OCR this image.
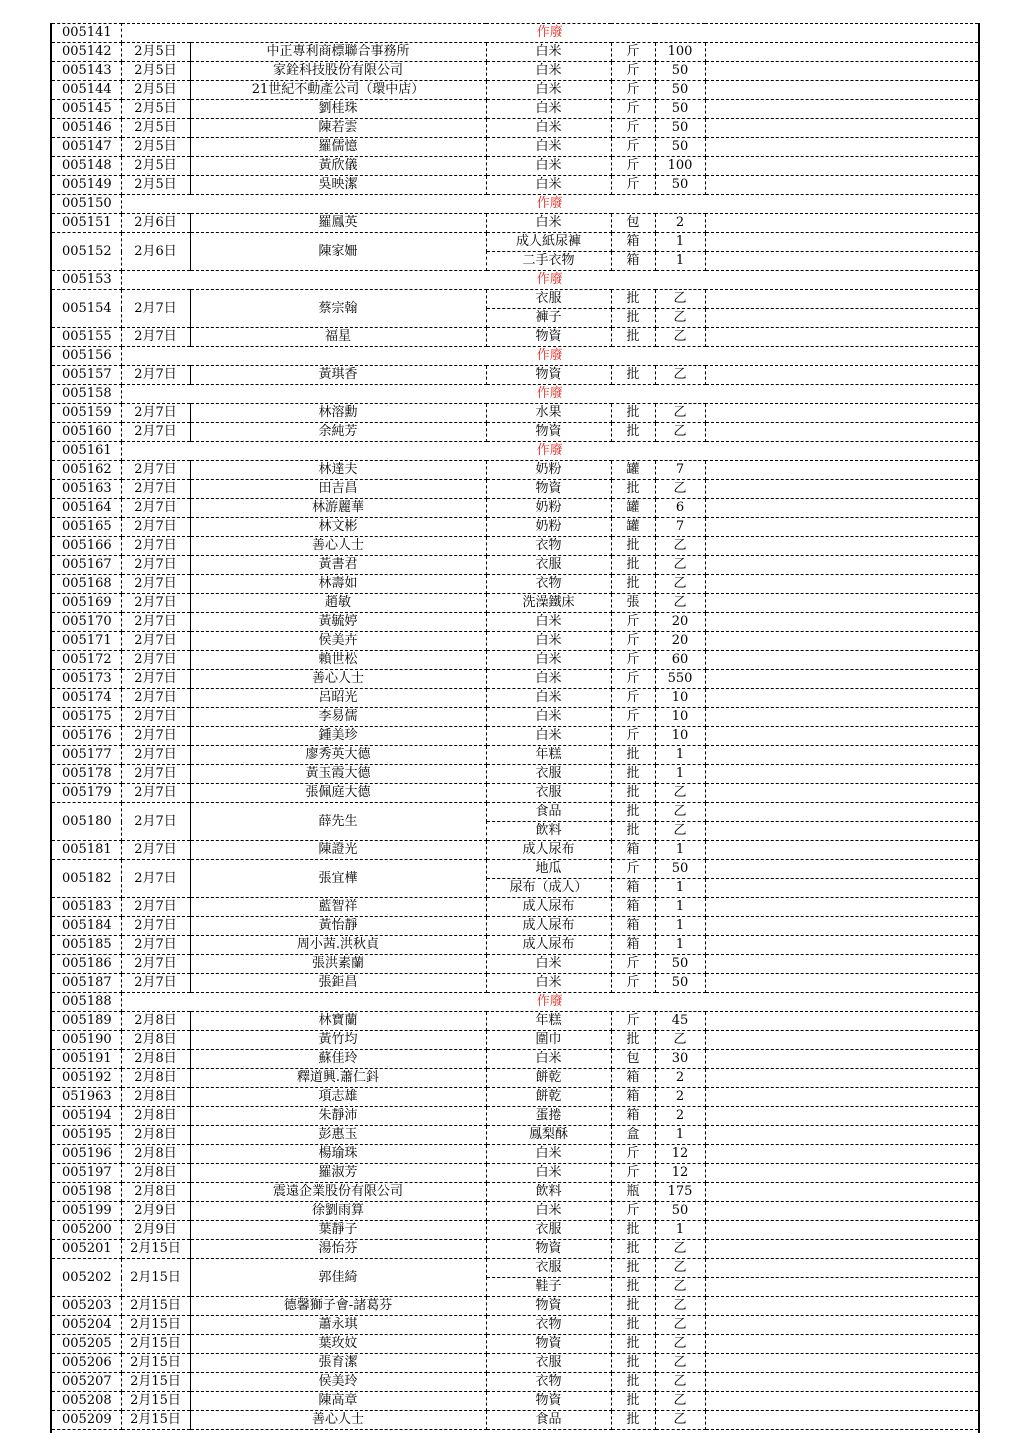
005141	作廢					
005142	2月5日	中正專利商標聯合事務所	白米	斤	100	
005143	2月5日	家銓科技股份有限公司	白米	斤	50	
005144	2月5日	21世紀不動產公司（環中店）	白米	斤	50	
005145	2月5日	劉桂珠	白米	斤	50	
005146	2月5日	陳若雲	白米	斤	50	
005147	2月5日	羅儒憶	白米	斤	50	
005148	2月5日	黃欣儀	白米	斤	100	
005149	2月5日	吳映潔	白米	斤	50	
005150	作廢					
005151	2月6日	羅鳳英	白米	包	2	
005152	2月6日	陳家姍	成人紙尿褲	箱	1	
			二手衣物	箱	1	
005153	作廢					
005154	2月7日	蔡宗翰	衣服	批	乙	
			褲子	批	乙	
005155	2月7日	福星	物資	批	乙	
005156	作廢					
005157	2月7日	黃琪香	物資	批	乙	
005158	作廢					
005159	2月7日	林溶勳	水果	批	乙	
005160	2月7日	余純芳	物資	批	乙	
005161	作廢					
005162	2月7日	林達夫	奶粉	罐	7	
005163	2月7日	田吉昌	物資	批	乙	
005164	2月7日	林游麗華	奶粉	罐	6	
005165	2月7日	林文彬	奶粉	罐	7	
005166	2月7日	善心人士	衣物	批	乙	
005167	2月7日	黃書君	衣服	批	乙	
005168	2月7日	林壽如	衣物	批	乙	
005169	2月7日	趙敏	洗澡鐵床	張	乙	
005170	2月7日	黃毓婷	白米	斤	20	
005171	2月7日	侯美卉	白米	斤	20	
005172	2月7日	賴世松	白米	斤	60	
005173	2月7日	善心人士	白米	斤	550	
005174	2月7日	呂昭光	白米	斤	10	
005175	2月7日	李易儒	白米	斤	10	
005176	2月7日	鍾美珍	白米	斤	10	
005177	2月7日	廖秀英大德	年糕	批	1	
005178	2月7日	黃玉霞大德	衣服	批	1	
005179	2月7日	張佩庭大德	衣服	批	乙	
005180	2月7日	薛先生	食品	批	乙	
			飲料	批	乙	
005181	2月7日	陳證光	成人尿布	箱	1	
005182	2月7日	張宜樺	地瓜	斤	50	
			尿布（成人）	箱	1	
005183	2月7日	藍智祥	成人尿布	箱	1	
005184	2月7日	黃怡靜	成人尿布	箱	1	
005185	2月7日	周小茜.洪秋貞	成人尿布	箱	1	
005186	2月7日	張洪素蘭	白米	斤	50	
005187	2月7日	張鉅昌	白米	斤	50	
005188	作廢					
005189	2月8日	林寶蘭	年糕	斤	45	
005190	2月8日	黃竹均	圍巾	批	乙	
005191	2月8日	蘇佳玲	白米	包	30	
005192	2月8日	釋道興.蕭仁鈄	餅乾	箱	2	
051963	2月8日	項志雄	餅乾	箱	2	
005194	2月8日	朱靜沛	蛋捲	箱	2	
005195	2月8日	彭惠玉	鳳梨酥	盒	1	
005196	2月8日	楊瑜珠	白米	斤	12	
005197	2月8日	羅淑芳	白米	斤	12	
005198	2月8日	震遠企業股份有限公司	飲料	瓶	175	
005199	2月9日	徐劉雨算	白米	斤	50	
005200	2月9日	葉靜子	衣服	批	1	
005201	2月15日	湯怡芬	物資	批	乙	
005202	2月15日	郭佳綺	衣服	批	乙	
			鞋子	批	乙	
005203	2月15日	德馨獅子會-諸葛芬	物資	批	乙	
005204	2月15日	蕭永琪	衣物	批	乙	
005205	2月15日	葉玫妏	物資	批	乙	
005206	2月15日	張育潔	衣服	批	乙	
005207	2月15日	侯美玲	衣物	批	乙	
005208	2月15日	陳高章	物資	批	乙	
005209	2月15日	善心人士	食品	批	乙	
